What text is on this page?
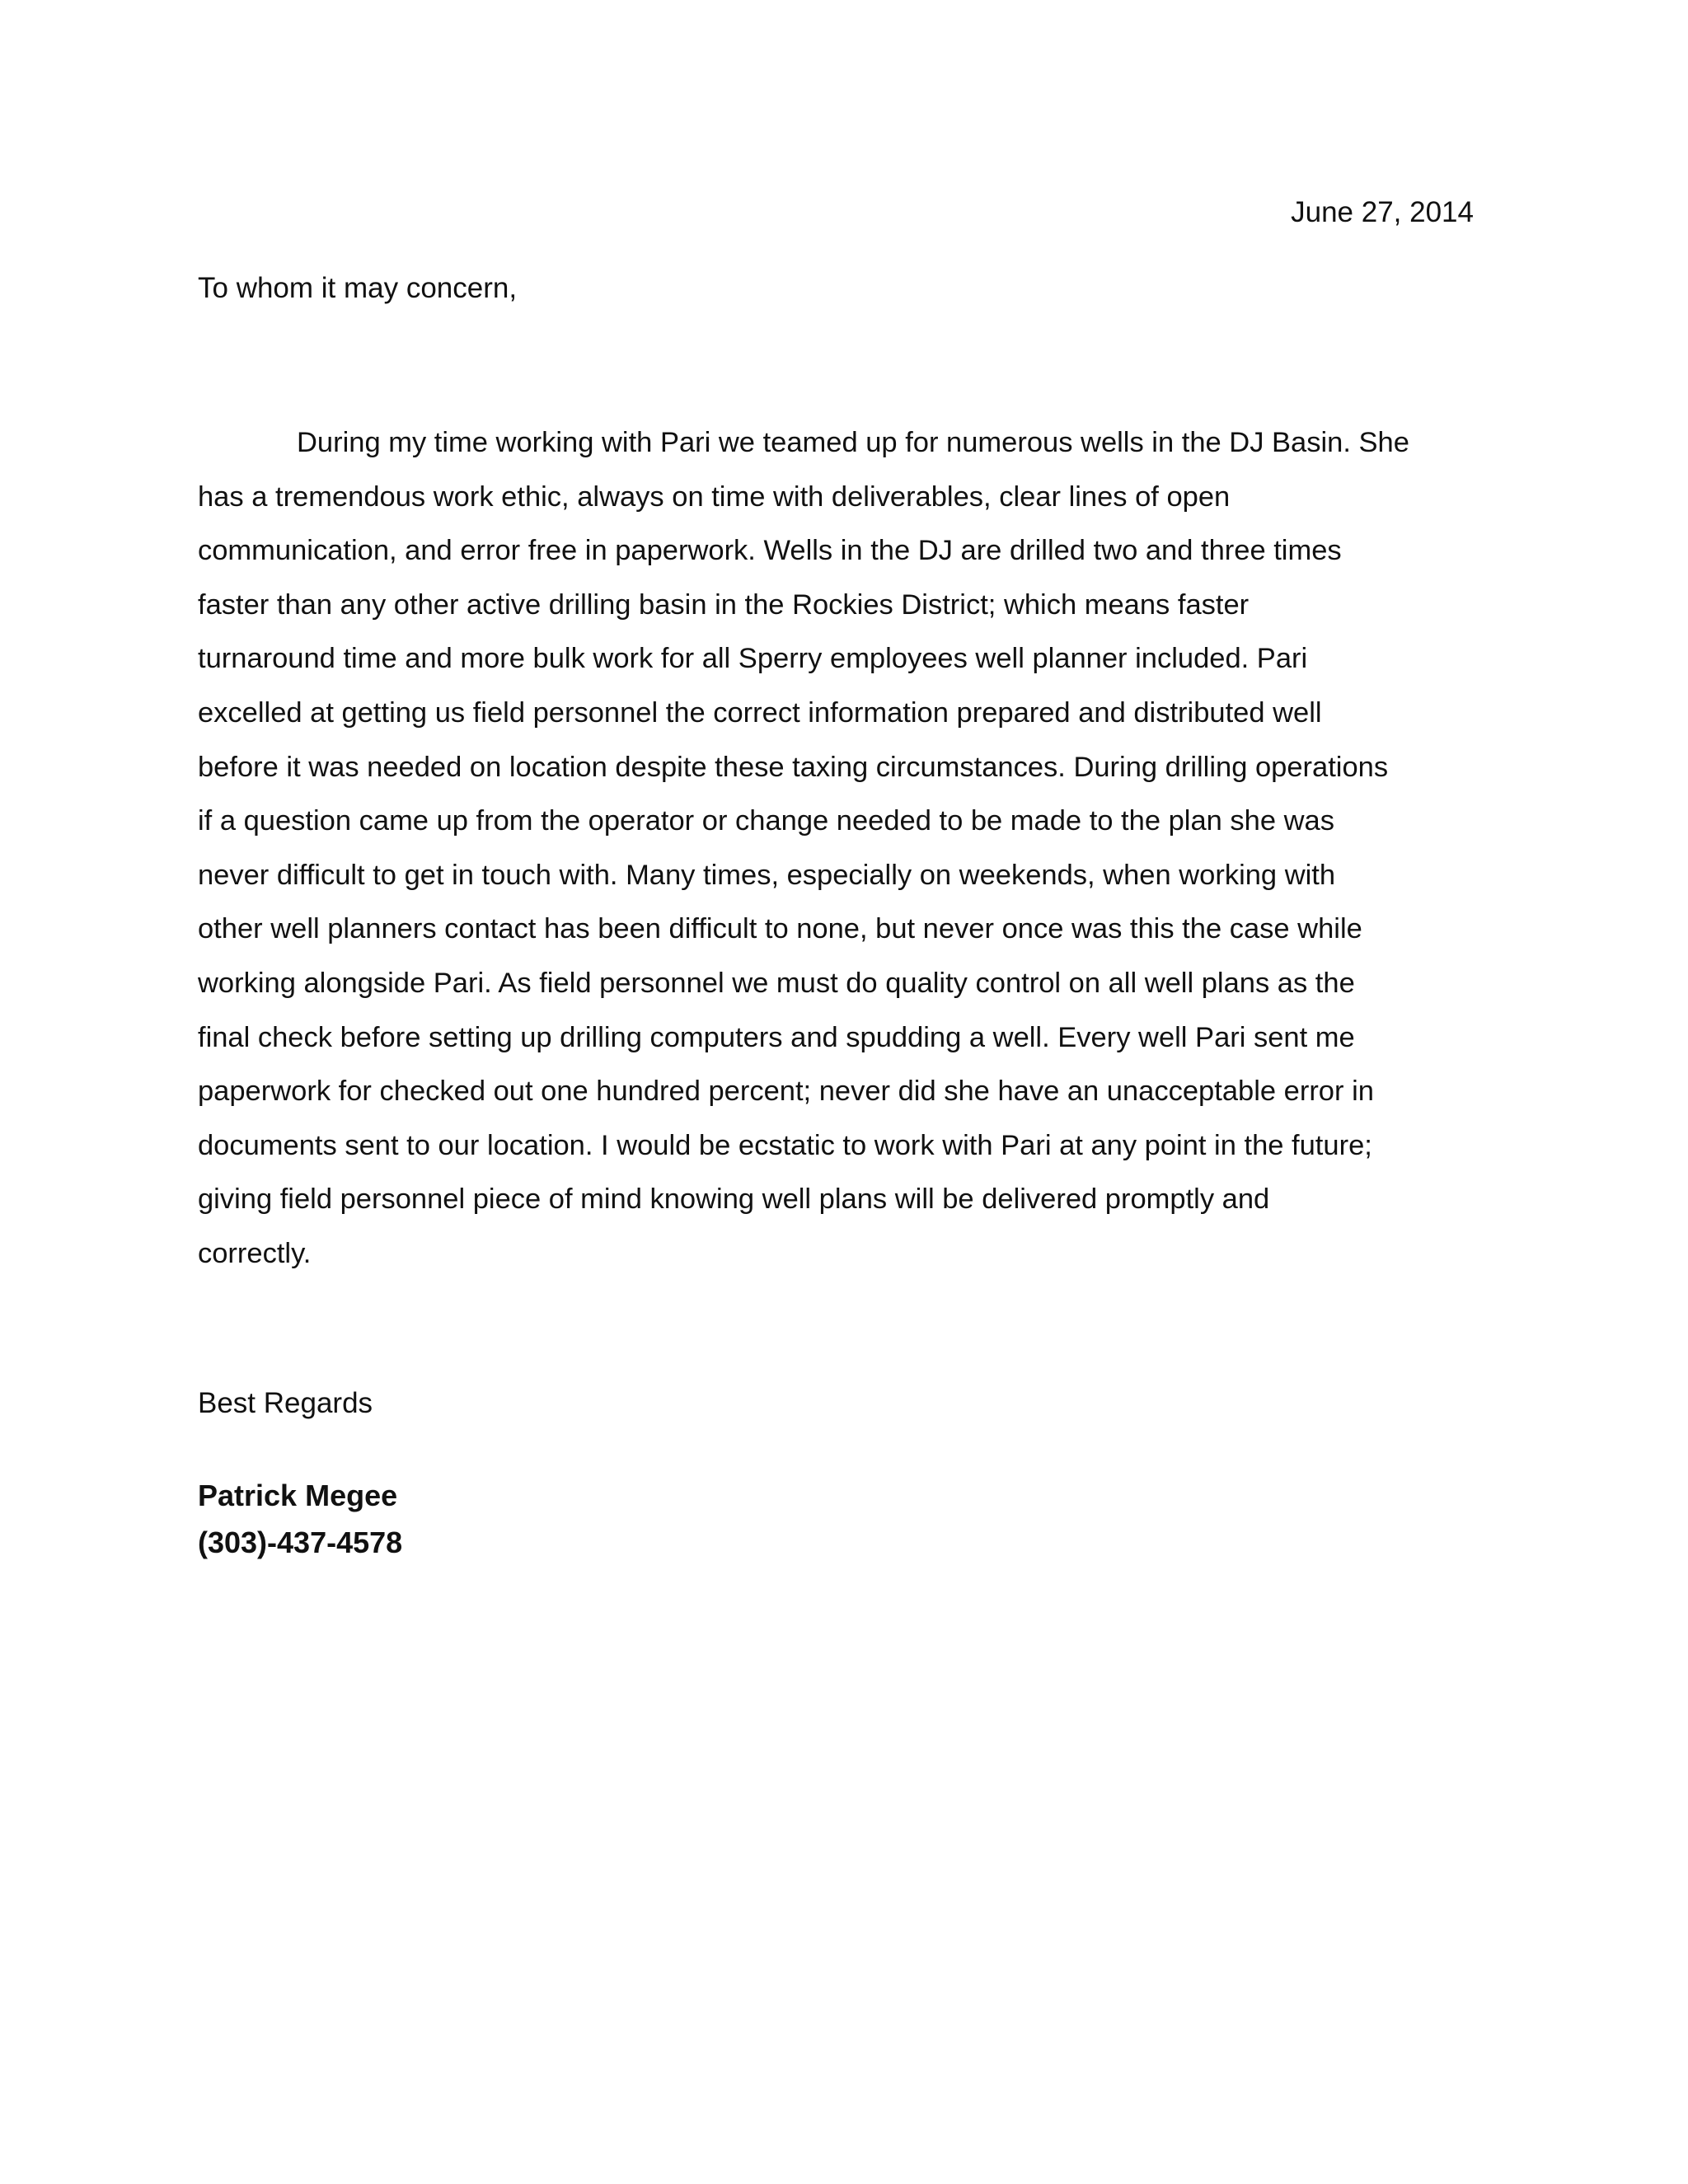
June 27, 2014
To whom it may concern,
During my time working with Pari we teamed up for numerous wells in the DJ Basin. She
has a tremendous work ethic, always on time with deliverables, clear lines of open
communication, and error free in paperwork. Wells in the DJ are drilled two and three times
faster than any other active drilling basin in the Rockies District; which means faster
turnaround time and more bulk work for all Sperry employees well planner included. Pari
excelled at getting us field personnel the correct information prepared and distributed well
before it was needed on location despite these taxing circumstances. During drilling operations
if a question came up from the operator or change needed to be made to the plan she was
never difficult to get in touch with. Many times, especially on weekends, when working with
other well planners contact has been difficult to none, but never once was this the case while
working alongside Pari. As field personnel we must do quality control on all well plans as the
final check before setting up drilling computers and spudding a well. Every well Pari sent me
paperwork for checked out one hundred percent; never did she have an unacceptable error in
documents sent to our location. I would be ecstatic to work with Pari at any point in the future;
giving field personnel piece of mind knowing well plans will be delivered promptly and
correctly.
Best Regards
Patrick Megee
(303)-437-4578
